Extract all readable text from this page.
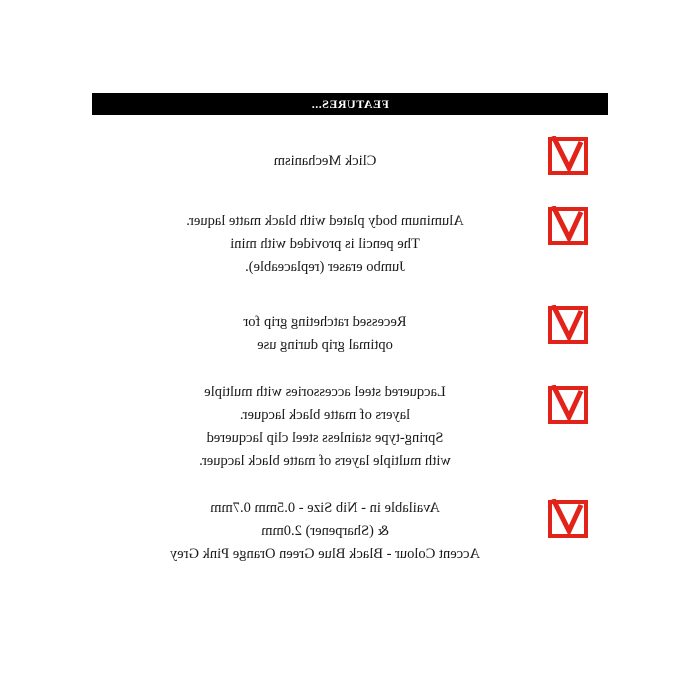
FEATURES...
Click Mechanism
Aluminum body plated with black matte laquer.
The pencil is provided with mini
Jumbo eraser (replaceable).
Recessed ratcheting grip for
optimal grip during use
Lacquered steel accessories with multiple
layers of matte black lacquer.
Spring-type stainless steel clip lacquered
with multiple layers of matte black lacquer.
Available in - Nib Size - 0.5mm 0.7mm
& (Sharpener) 2.0mm
Accent Colour - Black Blue Green Orange Pink Grey
